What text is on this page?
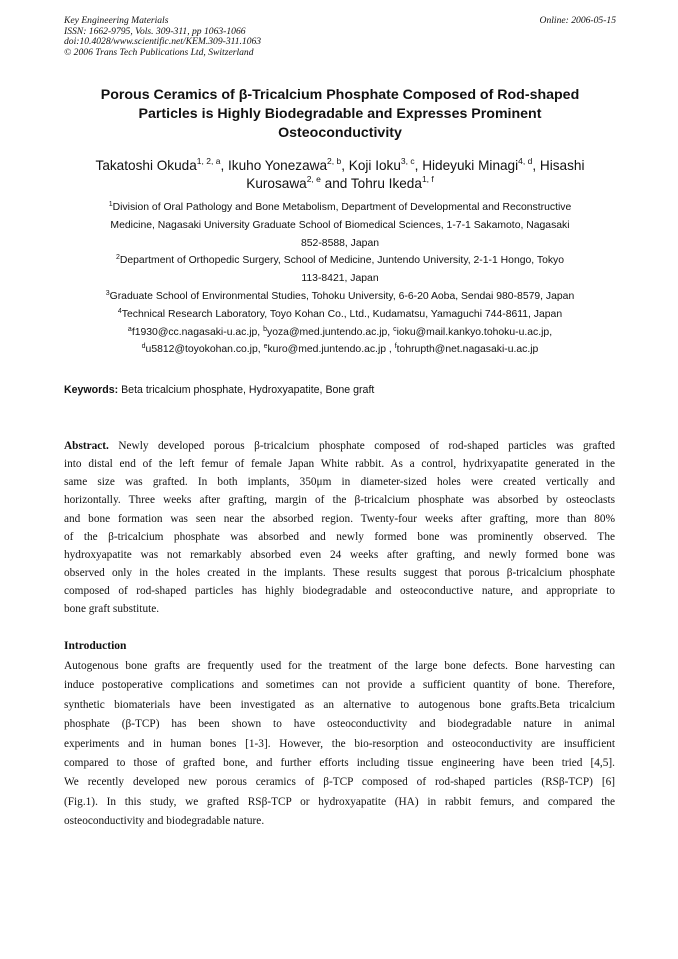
Key Engineering Materials
ISSN: 1662-9795, Vols. 309-311, pp 1063-1066
doi:10.4028/www.scientific.net/KEM.309-311.1063
© 2006 Trans Tech Publications Ltd, Switzerland
Online: 2006-05-15
Porous Ceramics of β-Tricalcium Phosphate Composed of Rod-shaped
Particles is Highly Biodegradable and Expresses Prominent
Osteoconductivity
Takatoshi Okuda$^{1, 2, a}$, Ikuho Yonezawa$^{2, b}$, Koji Ioku$^{3, c}$, Hideyuki Minagi$^{4, d}$, Hisashi
Kurosawa$^{2, e}$ and Tohru Ikeda$^{1, f}$
$^1$Division of Oral Pathology and Bone Metabolism, Department of Developmental and Reconstructive
Medicine, Nagasaki University Graduate School of Biomedical Sciences, 1-7-1 Sakamoto, Nagasaki
852-8588, Japan
$^2$Department of Orthopedic Surgery, School of Medicine, Juntendo University, 2-1-1 Hongo, Tokyo
113-8421, Japan
$^3$Graduate School of Environmental Studies, Tohoku University, 6-6-20 Aoba, Sendai 980-8579, Japan
$^4$Technical Research Laboratory, Toyo Kohan Co., Ltd., Kudamatsu, Yamaguchi 744-8611, Japan
$^a$f1930@cc.nagasaki-u.ac.jp, $^b$yoza@med.juntendo.ac.jp, $^c$ioku@mail.kankyo.tohoku-u.ac.jp,
$^d$u5812@toyokohan.co.jp, $^e$kuro@med.juntendo.ac.jp , $^f$tohrupth@net.nagasaki-u.ac.jp
Keywords: Beta tricalcium phosphate, Hydroxyapatite, Bone graft
Abstract. Newly developed porous β-tricalcium phosphate composed of rod-shaped particles was grafted
into distal end of the left femur of female Japan White rabbit. As a control, hydrixyapatite generated in the
same size was grafted. In both implants, 350μm in diameter-sized holes were created vertically and
horizontally. Three weeks after grafting, margin of the β-tricalcium phosphate was absorbed by osteoclasts
and bone formation was seen near the absorbed region. Twenty-four weeks after grafting, more than 80%
of the β-tricalcium phosphate was absorbed and newly formed bone was prominently observed. The
hydroxyapatite was not remarkably absorbed even 24 weeks after grafting, and newly formed bone was
observed only in the holes created in the implants. These results suggest that porous β-tricalcium phosphate
composed of rod-shaped particles has highly biodegradable and osteoconductive nature, and appropriate to
bone graft substitute.
Introduction
Autogenous bone grafts are frequently used for the treatment of the large bone defects. Bone harvesting can
induce postoperative complications and sometimes can not provide a sufficient quantity of bone. Therefore,
synthetic biomaterials have been investigated as an alternative to autogenous bone grafts.Beta tricalcium
phosphate (β-TCP) has been shown to have osteoconductivity and biodegradable nature in animal
experiments and in human bones [1-3]. However, the bio-resorption and osteoconductivity are insufficient
compared to those of grafted bone, and further efforts including tissue engineering have been tried [4,5].
We recently developed new porous ceramics of β-TCP composed of rod-shaped particles (RSβ-TCP) [6]
(Fig.1). In this study, we grafted RSβ-TCP or hydroxyapatite (HA) in rabbit femurs, and compared the
osteoconductivity and biodegradable nature.
